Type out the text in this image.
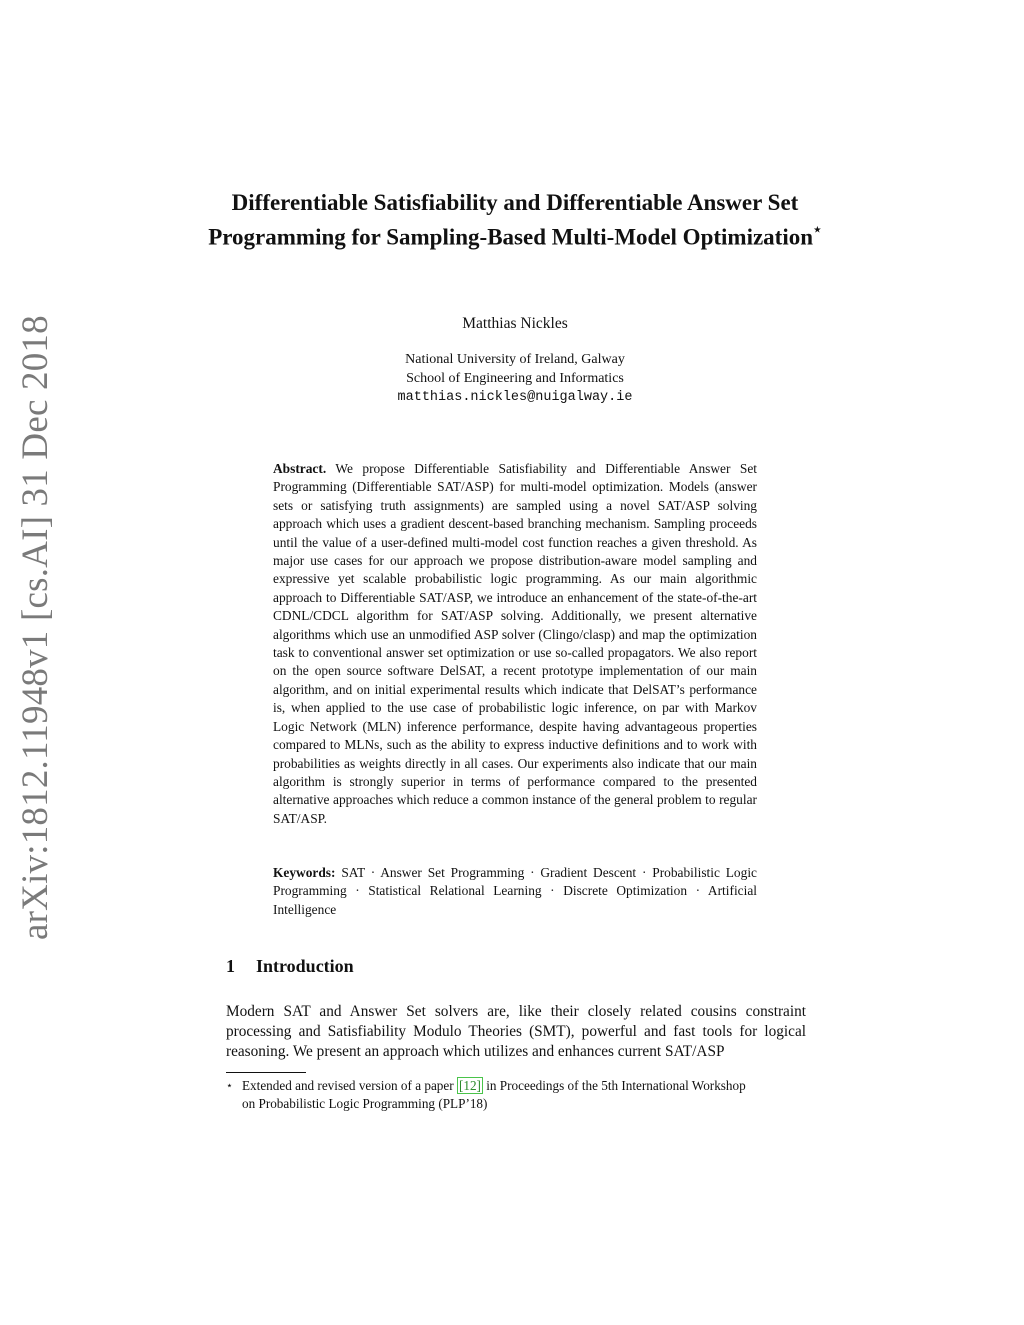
arXiv:1812.11948v1 [cs.AI] 31 Dec 2018
Differentiable Satisfiability and Differentiable Answer Set Programming for Sampling-Based Multi-Model Optimization⋆
Matthias Nickles
National University of Ireland, Galway
School of Engineering and Informatics
matthias.nickles@nuigalway.ie
Abstract. We propose Differentiable Satisfiability and Differentiable Answer Set Programming (Differentiable SAT/ASP) for multi-model optimization. Models (answer sets or satisfying truth assignments) are sampled using a novel SAT/ASP solving approach which uses a gradient descent-based branching mechanism. Sampling proceeds until the value of a user-defined multi-model cost function reaches a given threshold. As major use cases for our approach we propose distribution-aware model sampling and expressive yet scalable probabilistic logic programming. As our main algorithmic approach to Differentiable SAT/ASP, we introduce an enhancement of the state-of-the-art CDNL/CDCL algorithm for SAT/ASP solving. Additionally, we present alternative algorithms which use an unmodified ASP solver (Clingo/clasp) and map the optimization task to conventional answer set optimization or use so-called propagators. We also report on the open source software DelSAT, a recent prototype implementation of our main algorithm, and on initial experimental results which indicate that DelSAT’s performance is, when applied to the use case of probabilistic logic inference, on par with Markov Logic Network (MLN) inference performance, despite having advantageous properties compared to MLNs, such as the ability to express inductive definitions and to work with probabilities as weights directly in all cases. Our experiments also indicate that our main algorithm is strongly superior in terms of performance compared to the presented alternative approaches which reduce a common instance of the general problem to regular SAT/ASP.
Keywords: SAT · Answer Set Programming · Gradient Descent · Probabilistic Logic Programming · Statistical Relational Learning · Discrete Optimization · Artificial Intelligence
1 Introduction
Modern SAT and Answer Set solvers are, like their closely related cousins constraint processing and Satisfiability Modulo Theories (SMT), powerful and fast tools for logical reasoning. We present an approach which utilizes and enhances current SAT/ASP
⋆ Extended and revised version of a paper [12] in Proceedings of the 5th International Workshop
on Probabilistic Logic Programming (PLP’18)
